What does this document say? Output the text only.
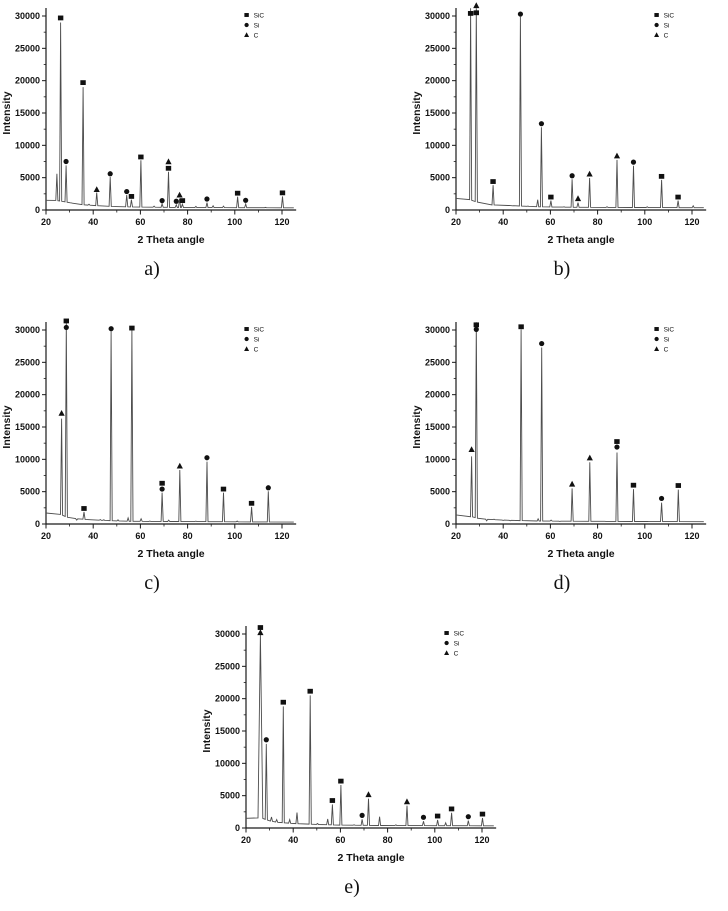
0
5000
10000
15000
20000
25000
30000
20	40	60	80	100	120
Intensity
2 Theta angle
SiC
Si
C
a)
0
5000
10000
15000
20000
25000
30000
20	40	60	80	100	120
Intensity
2 Theta angle
SiC
Si
C
b)
0
5000
10000
15000
20000
25000
30000
20	40	60	80	100	120
Intensity
2 Theta angle
SiC
Si
C
c)
0
5000
10000
15000
20000
25000
30000
20	40	60	80	100	120
Intensity
2 Theta angle
SiC
Si
C
d)
0
5000
10000
15000
20000
25000
30000
20	40	60	80	100	120
Intensity
2 Theta angle
SiC
Si
C
e)
